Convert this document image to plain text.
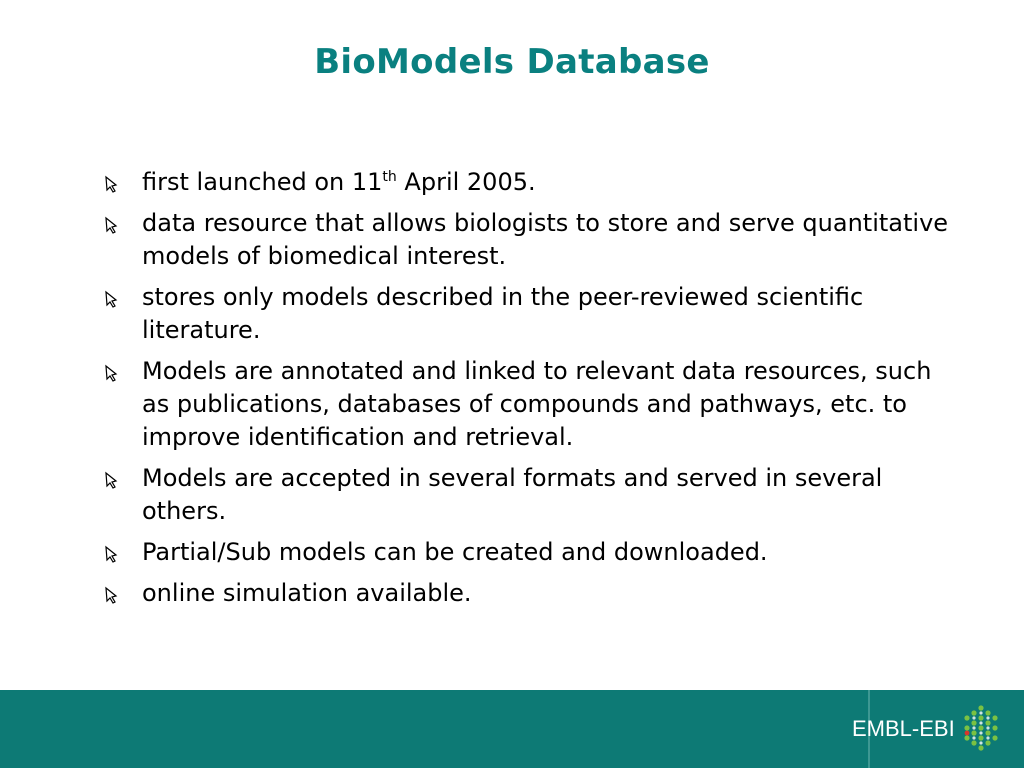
BioModels Database
first launched on 11th April 2005.
data resource that allows biologists to store and serve quantitative models of biomedical interest.
stores only models described in the peer-reviewed scientific literature.
Models are annotated and linked to relevant data resources, such as publications, databases of compounds and pathways, etc. to improve identification and retrieval.
Models are accepted in several formats and served in several others.
Partial/Sub models can be created and downloaded.
online simulation available.
EMBL-EBI
